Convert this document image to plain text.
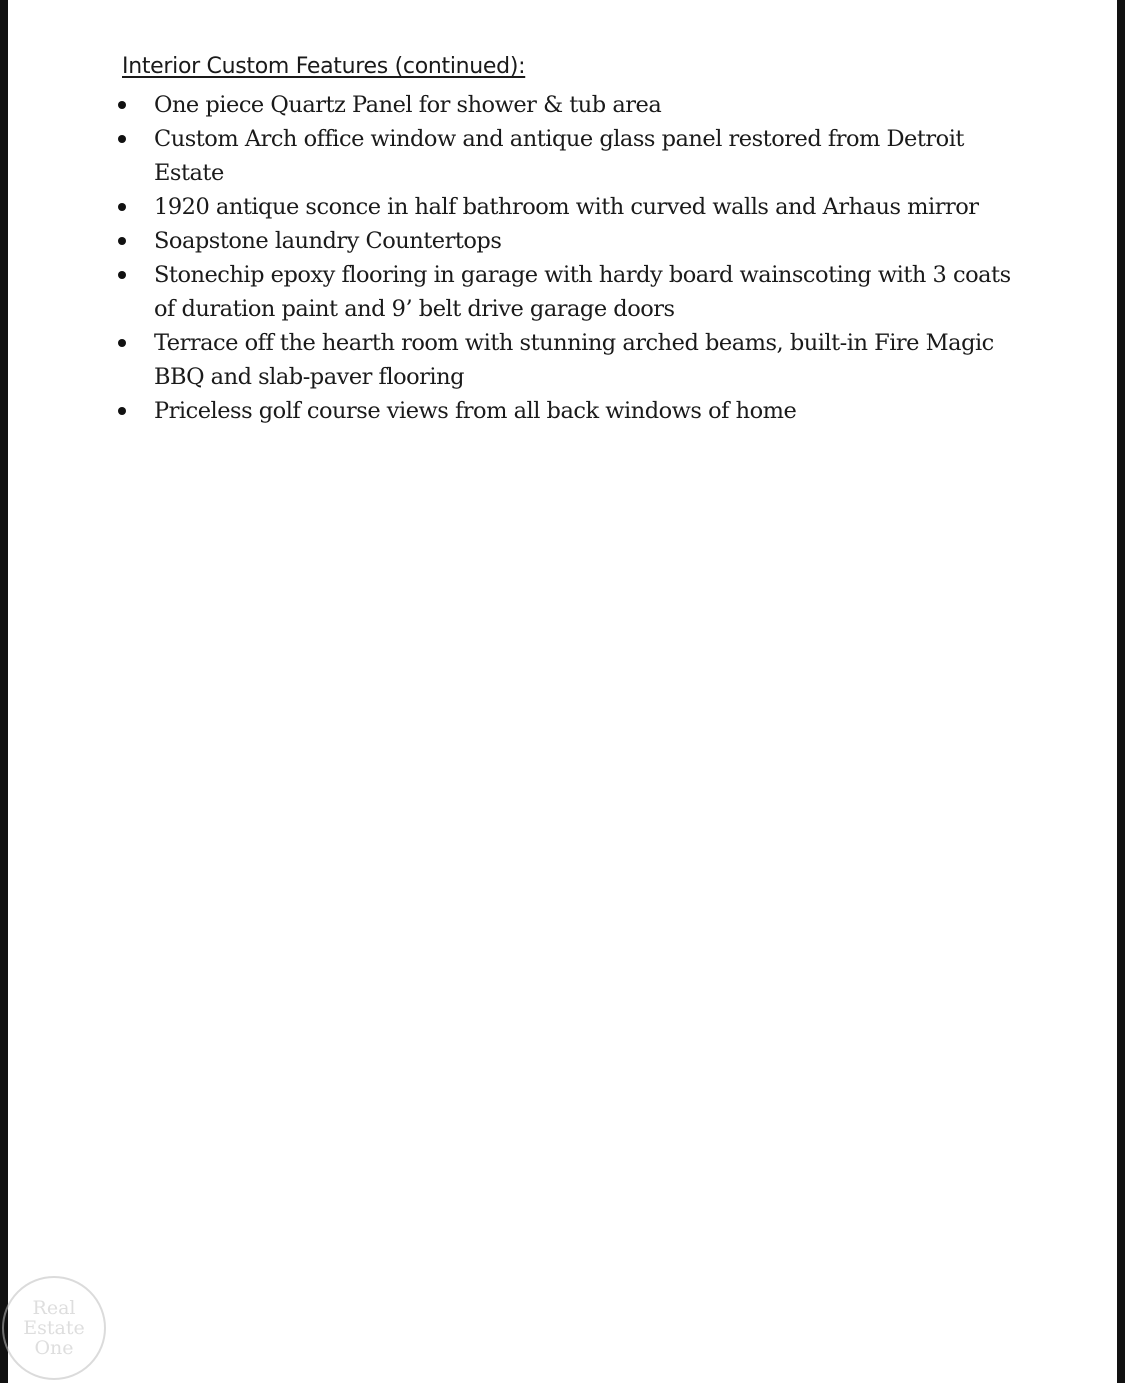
Interior Custom Features (continued):
One piece Quartz Panel for shower & tub area
Custom Arch office window and antique glass panel restored from Detroit Estate
1920 antique sconce in half bathroom with curved walls and Arhaus mirror
Soapstone laundry Countertops
Stonechip epoxy flooring in garage with hardy board wainscoting with 3 coats of duration paint and 9’ belt drive garage doors
Terrace off the hearth room with stunning arched beams, built-in Fire Magic BBQ and slab-paver flooring
Priceless golf course views from all back windows of home
Real
Estate
One
